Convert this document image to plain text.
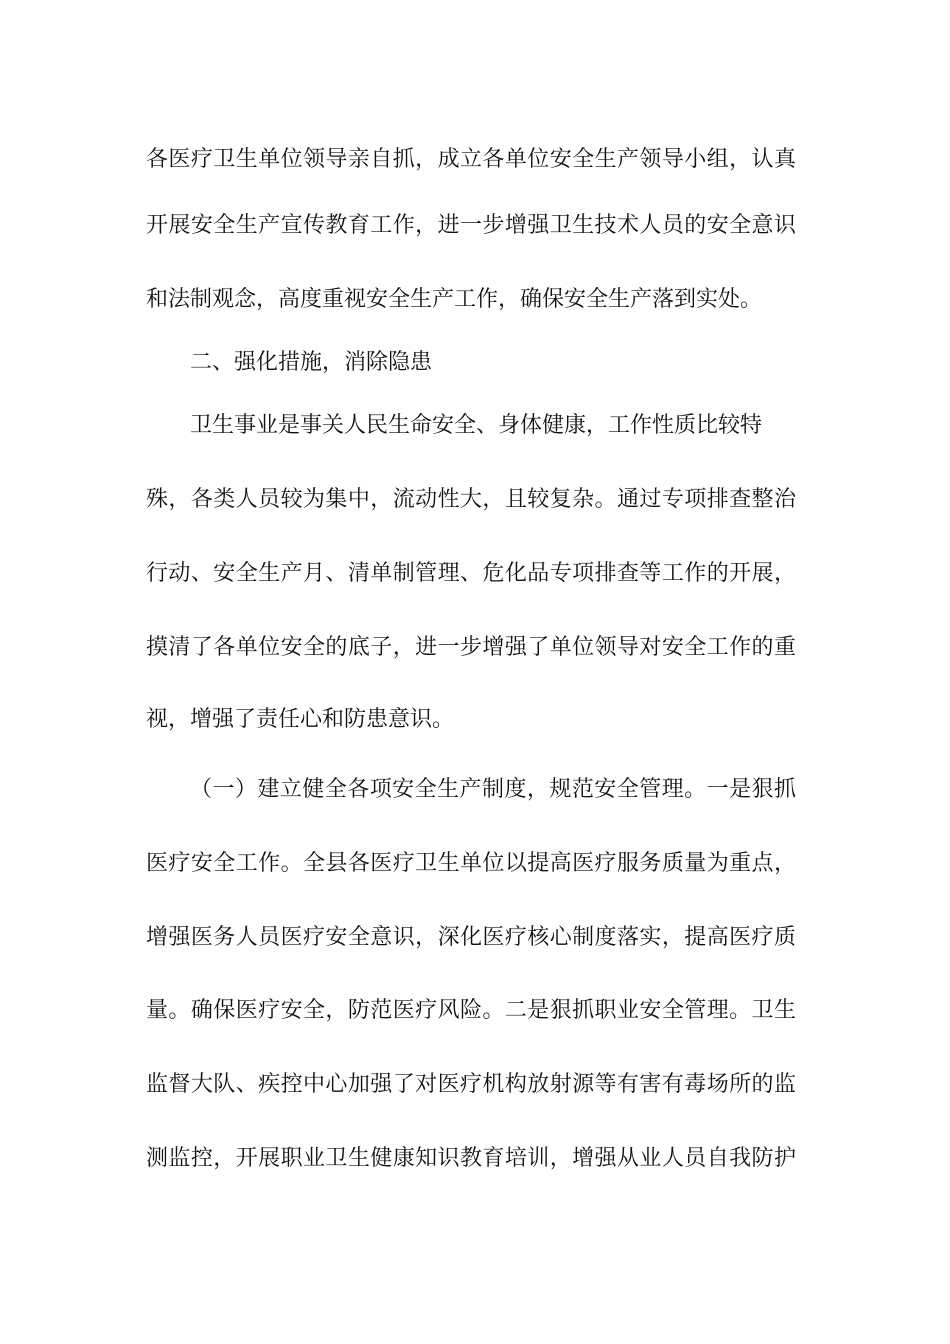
各医疗卫生单位领导亲自抓，成立各单位安全生产领导小组，认真
开展安全生产宣传教育工作，进一步增强卫生技术人员的安全意识
和法制观念，高度重视安全生产工作，确保安全生产落到实处。
二、强化措施，消除隐患
卫生事业是事关人民生命安全、身体健康，工作性质比较特
殊，各类人员较为集中，流动性大，且较复杂。通过专项排查整治
行动、安全生产月、清单制管理、危化品专项排查等工作的开展，
摸清了各单位安全的底子，进一步增强了单位领导对安全工作的重
视，增强了责任心和防患意识。
（一）建立健全各项安全生产制度，规范安全管理。一是狠抓
医疗安全工作。全县各医疗卫生单位以提高医疗服务质量为重点，
增强医务人员医疗安全意识，深化医疗核心制度落实，提高医疗质
量。确保医疗安全，防范医疗风险。二是狠抓职业安全管理。卫生
监督大队、疾控中心加强了对医疗机构放射源等有害有毒场所的监
测监控，开展职业卫生健康知识教育培训，增强从业人员自我防护
